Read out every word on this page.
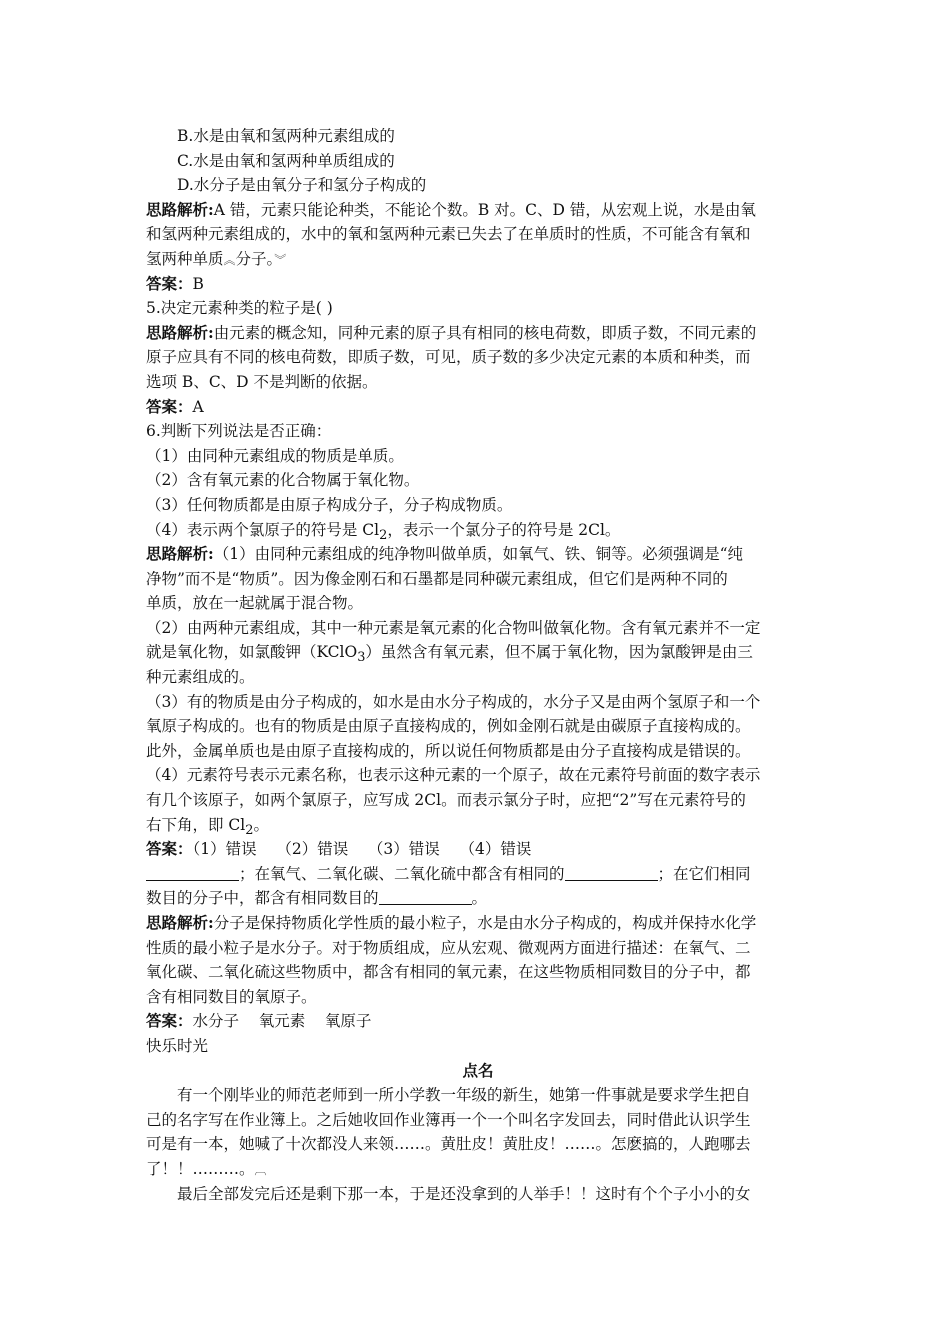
B.水是由氧和氢两种元素组成的
C.水是由氧和氢两种单质组成的
D.水分子是由氧分子和氢分子构成的
思路解析:A 错，元素只能论种类，不能论个数。B 对。C、D 错，从宏观上说，水是由氧
和氢两种元素组成的，水中的氧和氢两种元素已失去了在单质时的性质，不可能含有氧和
氢两种单质︽分子。︾
答案：B
5.决定元素种类的粒子是( )
思路解析:由元素的概念知，同种元素的原子具有相同的核电荷数，即质子数，不同元素的
原子应具有不同的核电荷数，即质子数，可见，质子数的多少决定元素的本质和种类，而
选项 B、C、D 不是判断的依据。
答案：A
6.判断下列说法是否正确：
（1）由同种元素组成的物质是单质。
（2）含有氧元素的化合物属于氧化物。
（3）任何物质都是由原子构成分子，分子构成物质。
（4）表示两个氯原子的符号是 $Cl_2$，表示一个氯分子的符号是 2Cl。
思路解析:（1）由同种元素组成的纯净物叫做单质，如氧气、铁、铜等。必须强调是“纯
净物”而不是“物质”。因为像金刚石和石墨都是同种碳元素组成，但它们是两种不同的
单质，放在一起就属于混合物。
（2）由两种元素组成，其中一种元素是氧元素的化合物叫做氧化物。含有氧元素并不一定
就是氧化物，如氯酸钾（KClO$_3$）虽然含有氧元素，但不属于氧化物，因为氯酸钾是由三
种元素组成的。
（3）有的物质是由分子构成的，如水是由水分子构成的，水分子又是由两个氢原子和一个
氧原子构成的。也有的物质是由原子直接构成的，例如金刚石就是由碳原子直接构成的。
此外，金属单质也是由原子直接构成的，所以说任何物质都是由分子直接构成是错误的。
（4）元素符号表示元素名称，也表示这种元素的一个原子，故在元素符号前面的数字表示
有几个该原子，如两个氯原子，应写成 2Cl。而表示氯分子时，应把“2”写在元素符号的
右下角，即 $Cl_2$。
答案：（1）错误    （2）错误    （3）错误    （4）错误
；在氧气、二氧化碳、二氧化硫中都含有相同的	；在它们相同
数目的分子中，都含有相同数目的	。
思路解析:分子是保持物质化学性质的最小粒子，水是由水分子构成的，构成并保持水化学
性质的最小粒子是水分子。对于物质组成，应从宏观、微观两方面进行描述：在氧气、二
氧化碳、二氧化硫这些物质中，都含有相同的氧元素，在这些物质相同数目的分子中，都
含有相同数目的氧原子。
答案：水分子    氧元素    氧原子
快乐时光
点名
有一个刚毕业的师范老师到一所小学教一年级的新生，她第一件事就是要求学生把自
己的名字写在作业簿上。之后她收回作业簿再一个一个叫名字发回去，同时借此认识学生
可是有一本，她喊了十次都没人来领……。黄肚皮！黄肚皮！……。怎麽搞的，人跑哪去
了！！………。︹
最后全部发完后还是剩下那一本，于是还没拿到的人举手！！这时有个个子小小的女
